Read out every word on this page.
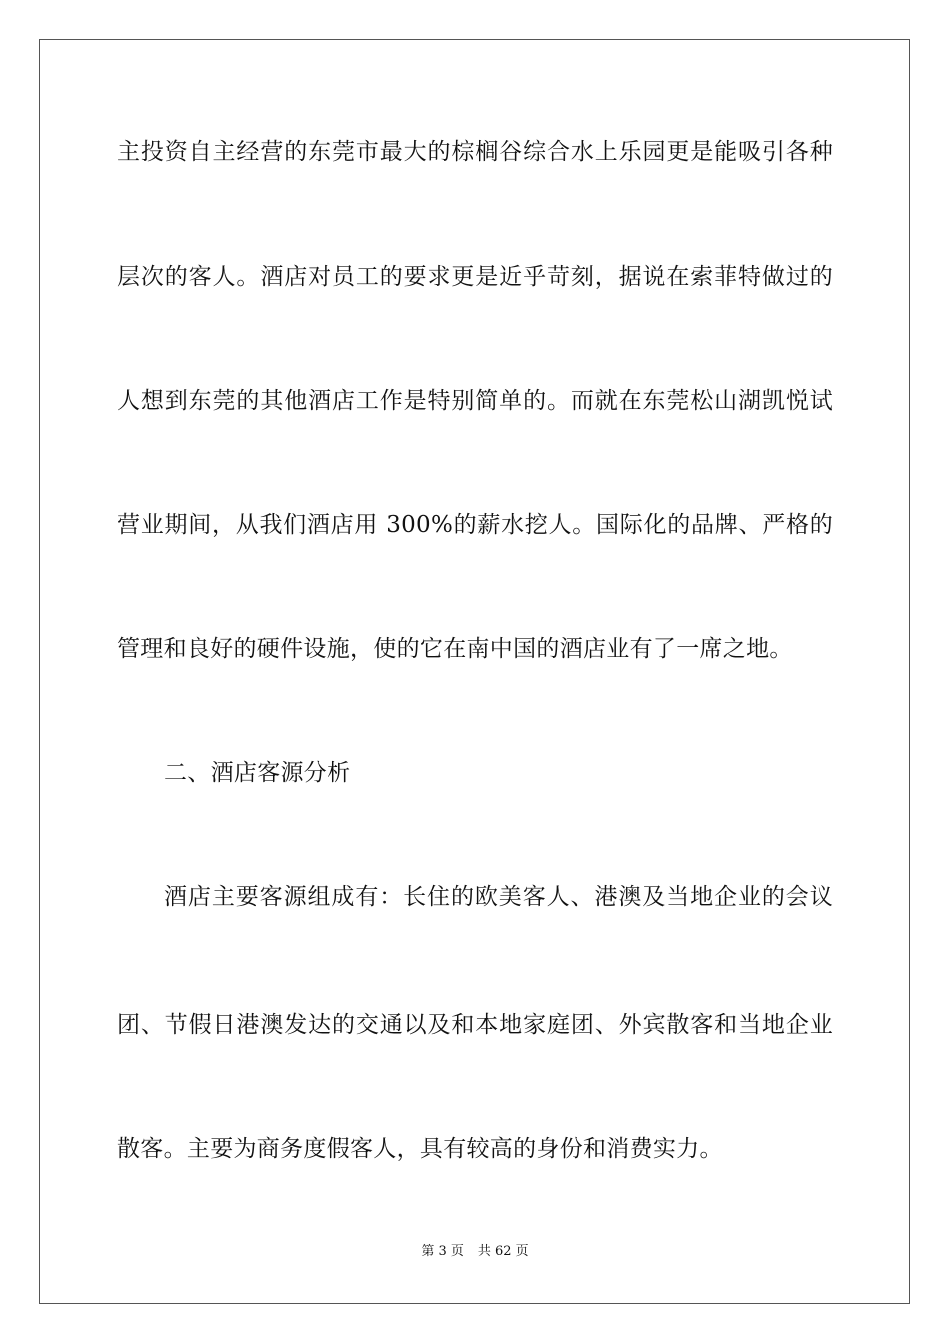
主投资自主经营的东莞市最大的棕榈谷综合水上乐园更是能吸引各种
层次的客人。酒店对员工的要求更是近乎苛刻，据说在索菲特做过的
人想到东莞的其他酒店工作是特别简单的。而就在东莞松山湖凯悦试
营业期间，从我们酒店用 300%的薪水挖人。国际化的品牌、严格的
管理和良好的硬件设施，使的它在南中国的酒店业有了一席之地。
二、酒店客源分析
酒店主要客源组成有：长住的欧美客人、港澳及当地企业的会议
团、节假日港澳发达的交通以及和本地家庭团、外宾散客和当地企业
散客。主要为商务度假客人，具有较高的身份和消费实力。
第 3 页 共 62 页
